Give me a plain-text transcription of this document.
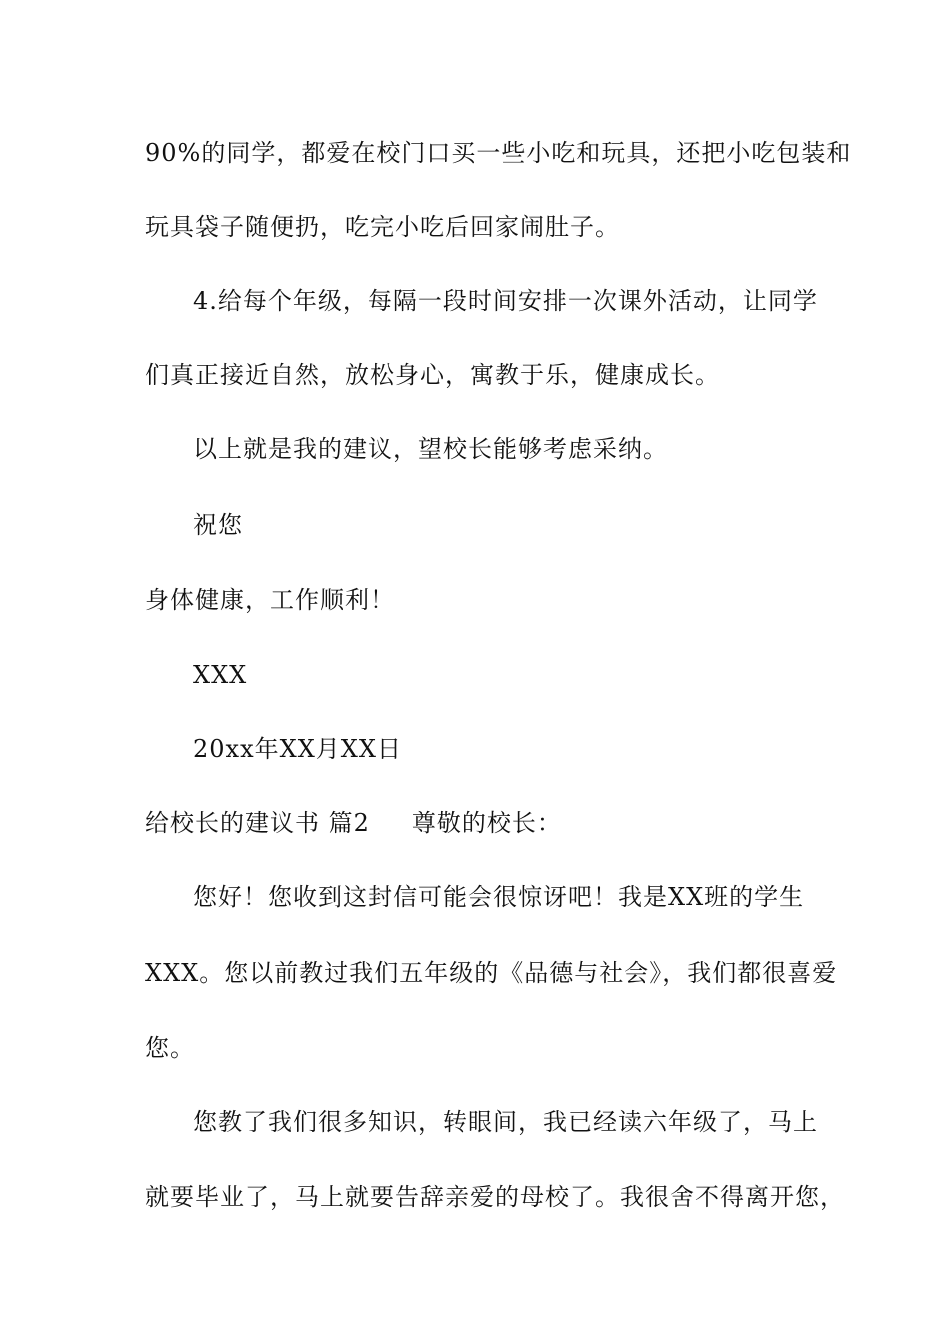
90%的同学，都爱在校门口买一些小吃和玩具，还把小吃包装和
玩具袋子随便扔，吃完小吃后回家闹肚子。
4.给每个年级，每隔一段时间安排一次课外活动，让同学
们真正接近自然，放松身心，寓教于乐，健康成长。
以上就是我的建议，望校长能够考虑采纳。
祝您
身体健康，工作顺利！
XXX
20xx年XX月XX日
给校长的建议书 篇2 尊敬的校长：
您好！您收到这封信可能会很惊讶吧！我是XX班的学生
XXX。您以前教过我们五年级的《品德与社会》，我们都很喜爱
您。
您教了我们很多知识，转眼间，我已经读六年级了，马上
就要毕业了，马上就要告辞亲爱的母校了。我很舍不得离开您，
